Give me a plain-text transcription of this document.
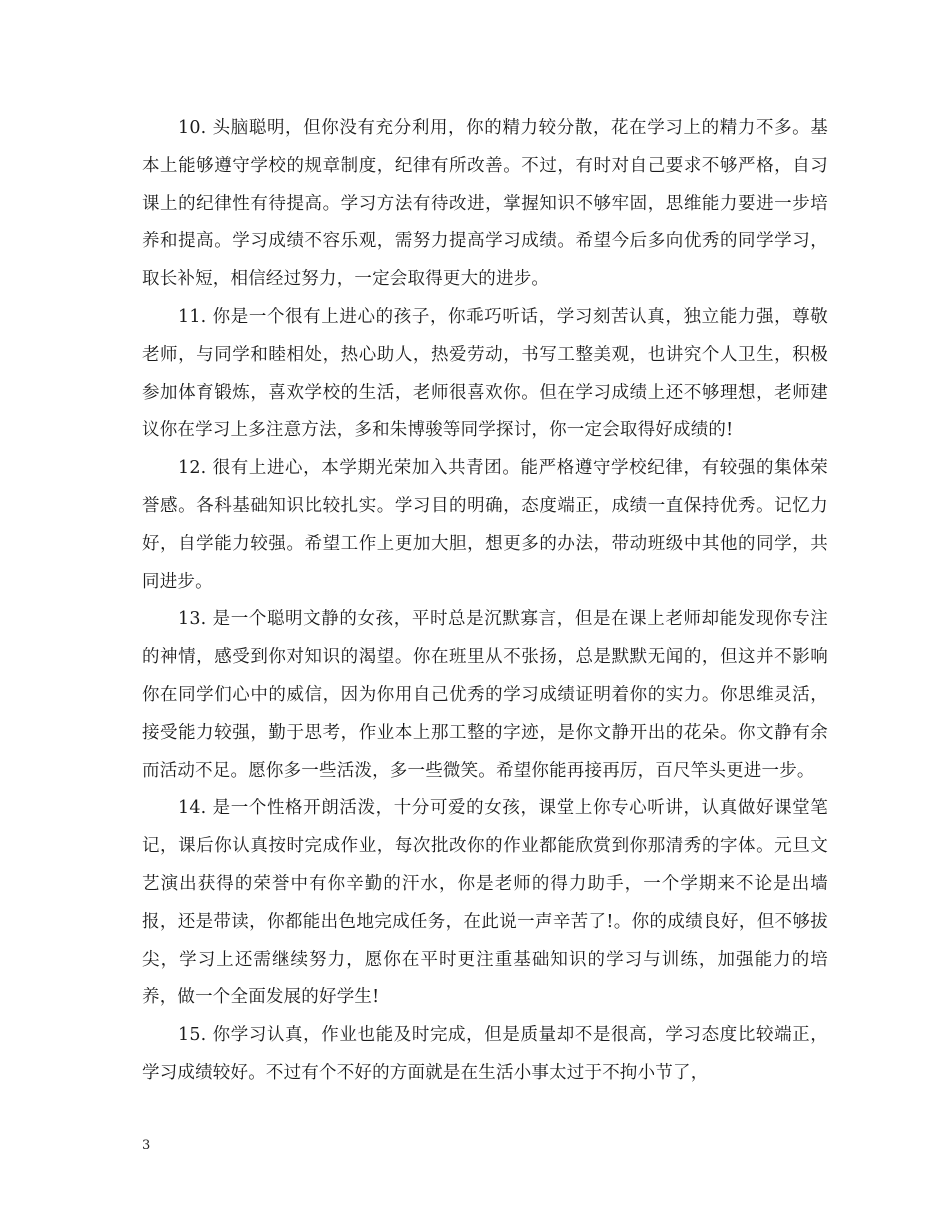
10. 头脑聪明，但你没有充分利用，你的精力较分散，花在学习上的精力不多。基本上能够遵守学校的规章制度，纪律有所改善。不过，有时对自己要求不够严格，自习课上的纪律性有待提高。学习方法有待改进，掌握知识不够牢固，思维能力要进一步培养和提高。学习成绩不容乐观，需努力提高学习成绩。希望今后多向优秀的同学学习，取长补短，相信经过努力，一定会取得更大的进步。

11. 你是一个很有上进心的孩子，你乖巧听话，学习刻苦认真，独立能力强，尊敬老师，与同学和睦相处，热心助人，热爱劳动，书写工整美观，也讲究个人卫生，积极参加体育锻炼，喜欢学校的生活，老师很喜欢你。但在学习成绩上还不够理想，老师建议你在学习上多注意方法，多和朱博骏等同学探讨，你一定会取得好成绩的!

12. 很有上进心，本学期光荣加入共青团。能严格遵守学校纪律，有较强的集体荣誉感。各科基础知识比较扎实。学习目的明确，态度端正，成绩一直保持优秀。记忆力好，自学能力较强。希望工作上更加大胆，想更多的办法，带动班级中其他的同学，共同进步。

13. 是一个聪明文静的女孩，平时总是沉默寡言，但是在课上老师却能发现你专注的神情，感受到你对知识的渴望。你在班里从不张扬，总是默默无闻的，但这并不影响你在同学们心中的威信，因为你用自己优秀的学习成绩证明着你的实力。你思维灵活，接受能力较强，勤于思考，作业本上那工整的字迹，是你文静开出的花朵。你文静有余而活动不足。愿你多一些活泼，多一些微笑。希望你能再接再厉，百尺竿头更进一步。

14. 是一个性格开朗活泼，十分可爱的女孩，课堂上你专心听讲，认真做好课堂笔记，课后你认真按时完成作业，每次批改你的作业都能欣赏到你那清秀的字体。元旦文艺演出获得的荣誉中有你辛勤的汗水，你是老师的得力助手，一个学期来不论是出墙报，还是带读，你都能出色地完成任务，在此说一声辛苦了!。你的成绩良好，但不够拔尖，学习上还需继续努力，愿你在平时更注重基础知识的学习与训练，加强能力的培养，做一个全面发展的好学生!

15. 你学习认真，作业也能及时完成，但是质量却不是很高，学习态度比较端正，学习成绩较好。不过有个不好的方面就是在生活小事太过于不拘小节了，

3
